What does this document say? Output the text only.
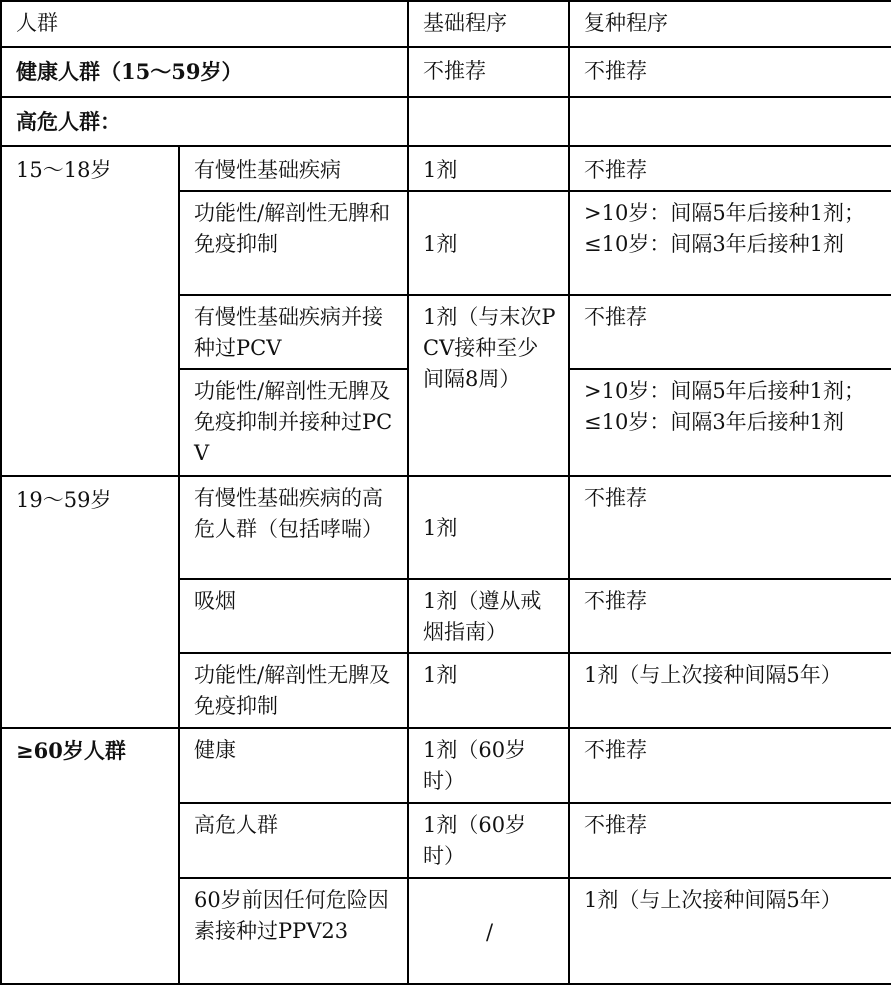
人群		基础程序	复种程序
健康人群（15～59岁）		不推荐	不推荐
高危人群：			
15～18岁	有慢性基础疾病	1剂	不推荐
	功能性/解剖性无脾和免疫抑制	1剂	>10岁：间隔5年后接种1剂；≤10岁：间隔3年后接种1剂
	有慢性基础疾病并接种过PCV	1剂（与末次PCV接种至少间隔8周）	不推荐
	功能性/解剖性无脾及免疫抑制并接种过PCV		>10岁：间隔5年后接种1剂；≤10岁：间隔3年后接种1剂
19～59岁	有慢性基础疾病的高危人群（包括哮喘）	1剂	不推荐
	吸烟	1剂（遵从戒烟指南）	不推荐
	功能性/解剖性无脾及免疫抑制	1剂	1剂（与上次接种间隔5年）
≥60岁人群	健康	1剂（60岁时）	不推荐
	高危人群	1剂（60岁时）	不推荐
	60岁前因任何危险因素接种过PPV23	/	1剂（与上次接种间隔5年）
